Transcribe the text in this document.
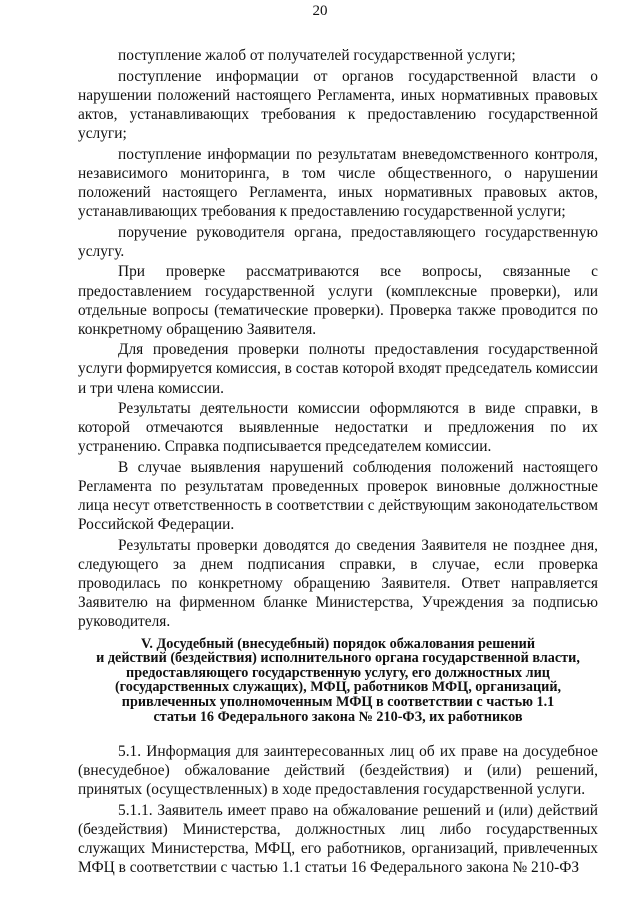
20

поступление жалоб от получателей государственной услуги;

поступление информации от органов государственной власти о нарушении положений настоящего Регламента, иных нормативных правовых актов, устанавливающих требования к предоставлению государственной услуги;

поступление информации по результатам вневедомственного контроля, независимого мониторинга, в том числе общественного, о нарушении положений настоящего Регламента, иных нормативных правовых актов, устанавливающих требования к предоставлению государственной услуги;

поручение руководителя органа, предоставляющего государственную услугу.

При проверке рассматриваются все вопросы, связанные с предоставлением государственной услуги (комплексные проверки), или отдельные вопросы (тематические проверки). Проверка также проводится по конкретному обращению Заявителя.

Для проведения проверки полноты предоставления государственной услуги формируется комиссия, в состав которой входят председатель комиссии и три члена комиссии.

Результаты деятельности комиссии оформляются в виде справки, в которой отмечаются выявленные недостатки и предложения по их устранению. Справка подписывается председателем комиссии.

В случае выявления нарушений соблюдения положений настоящего Регламента по результатам проведенных проверок виновные должностные лица несут ответственность в соответствии с действующим законодательством Российской Федерации.

Результаты проверки доводятся до сведения Заявителя не позднее дня, следующего за днем подписания справки, в случае, если проверка проводилась по конкретному обращению Заявителя. Ответ направляется Заявителю на фирменном бланке Министерства, Учреждения за подписью руководителя.

V. Досудебный (внесудебный) порядок обжалования решений
и действий (бездействия) исполнительного органа государственной власти,
предоставляющего государственную услугу, его должностных лиц
(государственных служащих), МФЦ, работников МФЦ, организаций,
привлеченных уполномоченным МФЦ в соответствии с частью 1.1
статьи 16 Федерального закона № 210-ФЗ, их работников

5.1. Информация для заинтересованных лиц об их праве на досудебное (внесудебное) обжалование действий (бездействия) и (или) решений, принятых (осуществленных) в ходе предоставления государственной услуги.

5.1.1. Заявитель имеет право на обжалование решений и (или) действий (бездействия) Министерства, должностных лиц либо государственных служащих Министерства, МФЦ, его работников, организаций, привлеченных МФЦ в соответствии с частью 1.1 статьи 16 Федерального закона № 210-ФЗ
